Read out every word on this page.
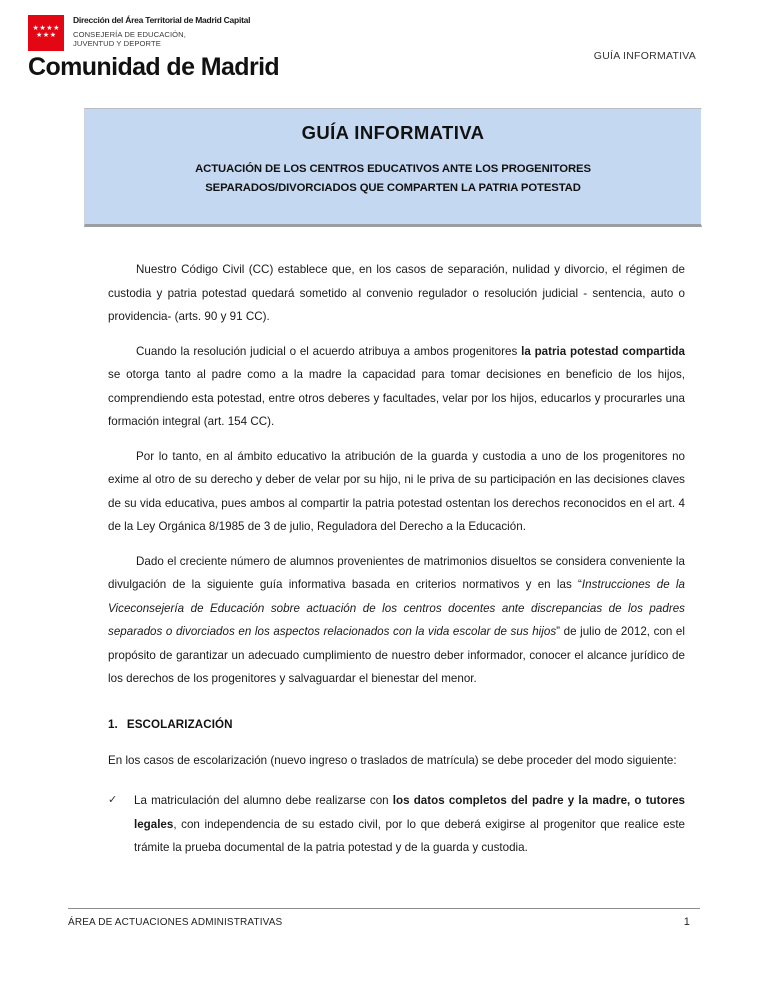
★ ★ ★ ★
★ ★ ★
Dirección del Área Territorial de Madrid Capital
CONSEJERÍA DE EDUCACIÓN,
JUVENTUD Y DEPORTE
Comunidad de Madrid	GUÍA INFORMATIVA
GUÍA INFORMATIVA
ACTUACIÓN DE LOS CENTROS EDUCATIVOS ANTE LOS PROGENITORES
SEPARADOS/DIVORCIADOS QUE COMPARTEN LA PATRIA POTESTAD

Nuestro Código Civil (CC) establece que, en los casos de separación, nulidad y divorcio, el régimen de custodia y patria potestad quedará sometido al convenio regulador o resolución judicial - sentencia, auto o providencia- (arts. 90 y 91 CC).

Cuando la resolución judicial o el acuerdo atribuya a ambos progenitores la patria potestad compartida se otorga tanto al padre como a la madre la capacidad para tomar decisiones en beneficio de los hijos, comprendiendo esta potestad, entre otros deberes y facultades, velar por los hijos, educarlos y procurarles una formación integral (art. 154 CC).

Por lo tanto, en al ámbito educativo la atribución de la guarda y custodia a uno de los progenitores no exime al otro de su derecho y deber de velar por su hijo, ni le priva de su participación en las decisiones claves de su vida educativa, pues ambos al compartir la patria potestad ostentan los derechos reconocidos en el art. 4 de la Ley Orgánica 8/1985 de 3 de julio, Reguladora del Derecho a la Educación.

Dado el creciente número de alumnos provenientes de matrimonios disueltos se considera conveniente la divulgación de la siguiente guía informativa basada en criterios normativos y en las “Instrucciones de la Viceconsejería de Educación sobre actuación de los centros docentes ante discrepancias de los padres separados o divorciados en los aspectos relacionados con la vida escolar de sus hijos” de julio de 2012, con el propósito de garantizar un adecuado cumplimiento de nuestro deber informador, conocer el alcance jurídico de los derechos de los progenitores y salvaguardar el bienestar del menor.

1. ESCOLARIZACIÓN

En los casos de escolarización (nuevo ingreso o traslados de matrícula) se debe proceder del modo siguiente:

✓	La matriculación del alumno debe realizarse con los datos completos del padre y la madre, o tutores legales, con independencia de su estado civil, por lo que deberá exigirse al progenitor que realice este trámite la prueba documental de la patria potestad y de la guarda y custodia.
ÁREA DE ACTUACIONES ADMINISTRATIVAS	1
